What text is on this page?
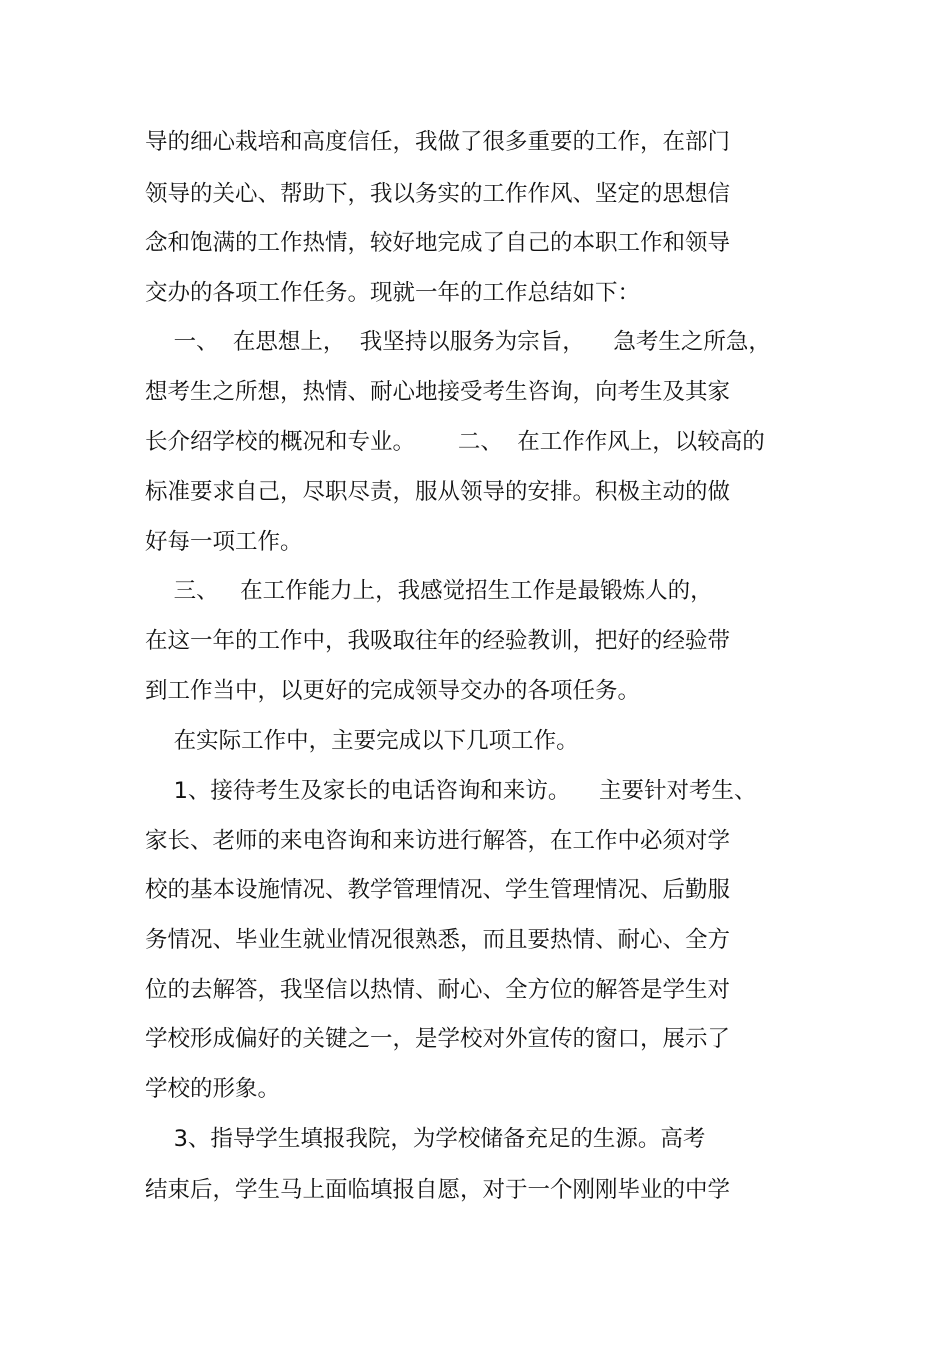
导的细心栽培和高度信任，我做了很多重要的工作，在部门

领导的关心、帮助下，我以务实的工作作风、坚定的思想信

念和饱满的工作热情，较好地完成了自己的本职工作和领导

交办的各项工作任务。现就一年的工作总结如下：

一、  在思想上，  我坚持以服务为宗旨，    急考生之所急，

想考生之所想，热情、耐心地接受考生咨询，向考生及其家

长介绍学校的概况和专业。      二、  在工作作风上，以较高的

标准要求自己，尽职尽责，服从领导的安排。积极主动的做

好每一项工作。

三、   在工作能力上，我感觉招生工作是最锻炼人的，

在这一年的工作中，我吸取往年的经验教训，把好的经验带

到工作当中，以更好的完成领导交办的各项任务。

在实际工作中，主要完成以下几项工作。

1、接待考生及家长的电话咨询和来访。    主要针对考生、

家长、老师的来电咨询和来访进行解答，在工作中必须对学

校的基本设施情况、教学管理情况、学生管理情况、后勤服

务情况、毕业生就业情况很熟悉，而且要热情、耐心、全方

位的去解答，我坚信以热情、耐心、全方位的解答是学生对

学校形成偏好的关键之一，是学校对外宣传的窗口，展示了

学校的形象。

3、指导学生填报我院，为学校储备充足的生源。高考

结束后，学生马上面临填报自愿，对于一个刚刚毕业的中学
